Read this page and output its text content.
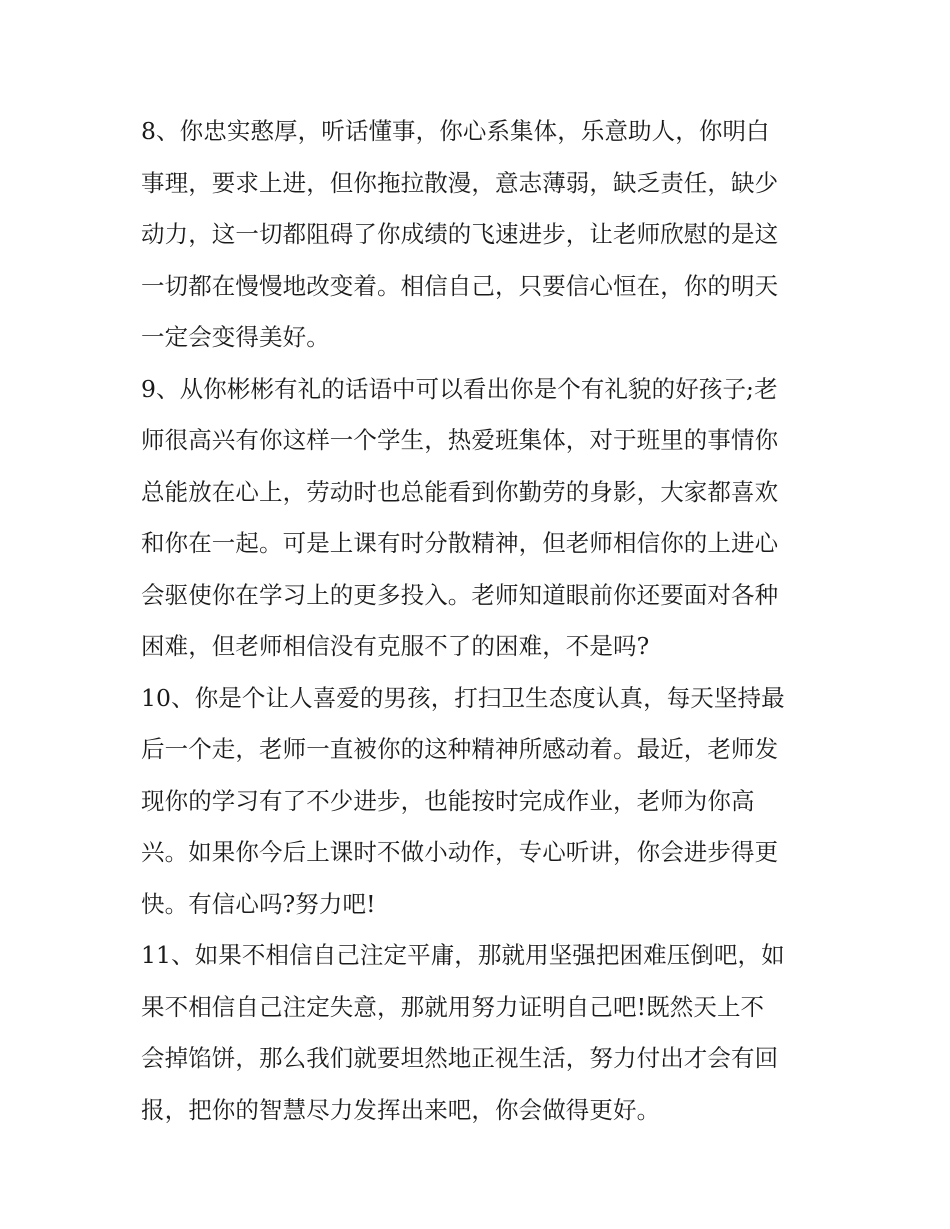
8、你忠实憨厚，听话懂事，你心系集体，乐意助人，你明白
事理，要求上进，但你拖拉散漫，意志薄弱，缺乏责任，缺少
动力，这一切都阻碍了你成绩的飞速进步，让老师欣慰的是这
一切都在慢慢地改变着。相信自己，只要信心恒在，你的明天
一定会变得美好。
9、从你彬彬有礼的话语中可以看出你是个有礼貌的好孩子;老
师很高兴有你这样一个学生，热爱班集体，对于班里的事情你
总能放在心上，劳动时也总能看到你勤劳的身影，大家都喜欢
和你在一起。可是上课有时分散精神，但老师相信你的上进心
会驱使你在学习上的更多投入。老师知道眼前你还要面对各种
困难，但老师相信没有克服不了的困难，不是吗?
10、你是个让人喜爱的男孩，打扫卫生态度认真，每天坚持最
后一个走，老师一直被你的这种精神所感动着。最近，老师发
现你的学习有了不少进步，也能按时完成作业，老师为你高
兴。如果你今后上课时不做小动作，专心听讲，你会进步得更
快。有信心吗?努力吧!
11、如果不相信自己注定平庸，那就用坚强把困难压倒吧，如
果不相信自己注定失意，那就用努力证明自己吧!既然天上不
会掉馅饼，那么我们就要坦然地正视生活，努力付出才会有回
报，把你的智慧尽力发挥出来吧，你会做得更好。
